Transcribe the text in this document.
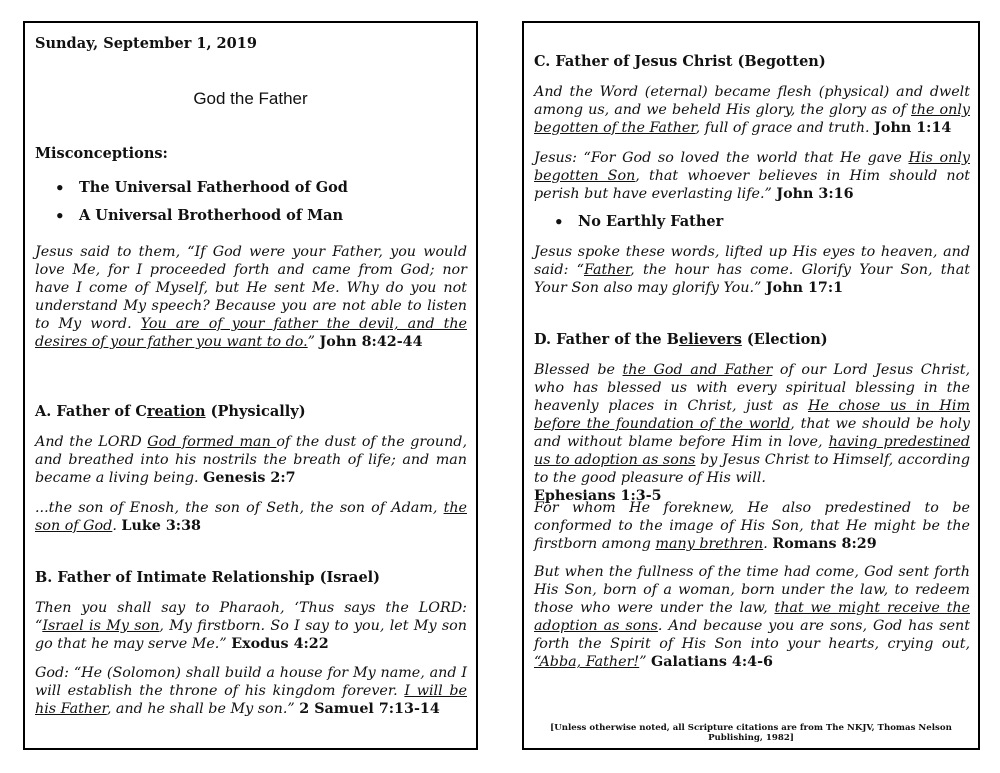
Sunday, September 1, 2019

God the Father

Misconceptions:

• The Universal Fatherhood of God
• A Universal Brotherhood of Man

Jesus said to them, “If God were your Father, you would love Me, for I proceeded forth and came from God; nor have I come of Myself, but He sent Me. Why do you not understand My speech? Because you are not able to listen to My word. You are of your father the devil, and the desires of your father you want to do.” John 8:42-44

A. Father of Creation (Physically)

And the LORD God formed man of the dust of the ground, and breathed into his nostrils the breath of life; and man became a living being. Genesis 2:7

...the son of Enosh, the son of Seth, the son of Adam, the son of God. Luke 3:38

B. Father of Intimate Relationship (Israel)

Then you shall say to Pharaoh, ‘Thus says the LORD: “Israel is My son, My firstborn. So I say to you, let My son go that he may serve Me.” Exodus 4:22

God: “He (Solomon) shall build a house for My name, and I will establish the throne of his kingdom forever. I will be his Father, and he shall be My son.” 2 Samuel 7:13-14

C. Father of Jesus Christ (Begotten)

And the Word (eternal) became flesh (physical) and dwelt among us, and we beheld His glory, the glory as of the only begotten of the Father, full of grace and truth. John 1:14

Jesus: “For God so loved the world that He gave His only begotten Son, that whoever believes in Him should not perish but have everlasting life.” John 3:16

• No Earthly Father

Jesus spoke these words, lifted up His eyes to heaven, and said: “Father, the hour has come. Glorify Your Son, that Your Son also may glorify You.” John 17:1

D. Father of the Believers (Election)

Blessed be the God and Father of our Lord Jesus Christ, who has blessed us with every spiritual blessing in the heavenly places in Christ, just as He chose us in Him before the foundation of the world, that we should be holy and without blame before Him in love, having predestined us to adoption as sons by Jesus Christ to Himself, according to the good pleasure of His will.
Ephesians 1:3-5

For whom He foreknew, He also predestined to be conformed to the image of His Son, that He might be the firstborn among many brethren. Romans 8:29

But when the fullness of the time had come, God sent forth His Son, born of a woman, born under the law, to redeem those who were under the law, that we might receive the adoption as sons. And because you are sons, God has sent forth the Spirit of His Son into your hearts, crying out, “Abba, Father!” Galatians 4:4-6

[Unless otherwise noted, all Scripture citations are from The NKJV, Thomas Nelson Publishing, 1982]
